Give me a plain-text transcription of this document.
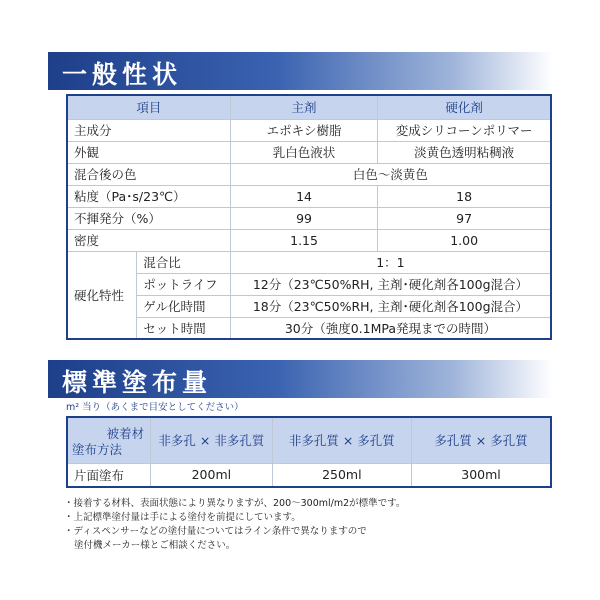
一般性状
項目		主剤	硬化剤
主成分		エポキシ樹脂	変成シリコーンポリマー
外観		乳白色液状	淡黄色透明粘稠液
混合後の色		白色〜淡黄色	
粘度（Pa･s/23℃）		14	18
不揮発分（%）		99	97
密度		1.15	1.00
硬化特性	混合比	1：1	
	ポットライフ	12分（23℃50%RH, 主剤･硬化剤各100g混合）	
	ゲル化時間	18分（23℃50%RH, 主剤･硬化剤各100g混合）	
	セット時間	30分（強度0.1MPa発現までの時間）	
標準塗布量
m² 当り（あくまで目安としてください）
被着材
塗布方法	非多孔 × 非多孔質	非多孔質 × 多孔質	多孔質 × 多孔質
片面塗布	200ml	250ml	300ml

・接着する材料、表面状態により異なりますが、200〜300ml/m2が標準です。

・上記標準塗付量は手による塗付を前提にしています。

・ディスペンサーなどの塗付量についてはライン条件で異なりますので

塗付機メーカー様とご相談ください。
